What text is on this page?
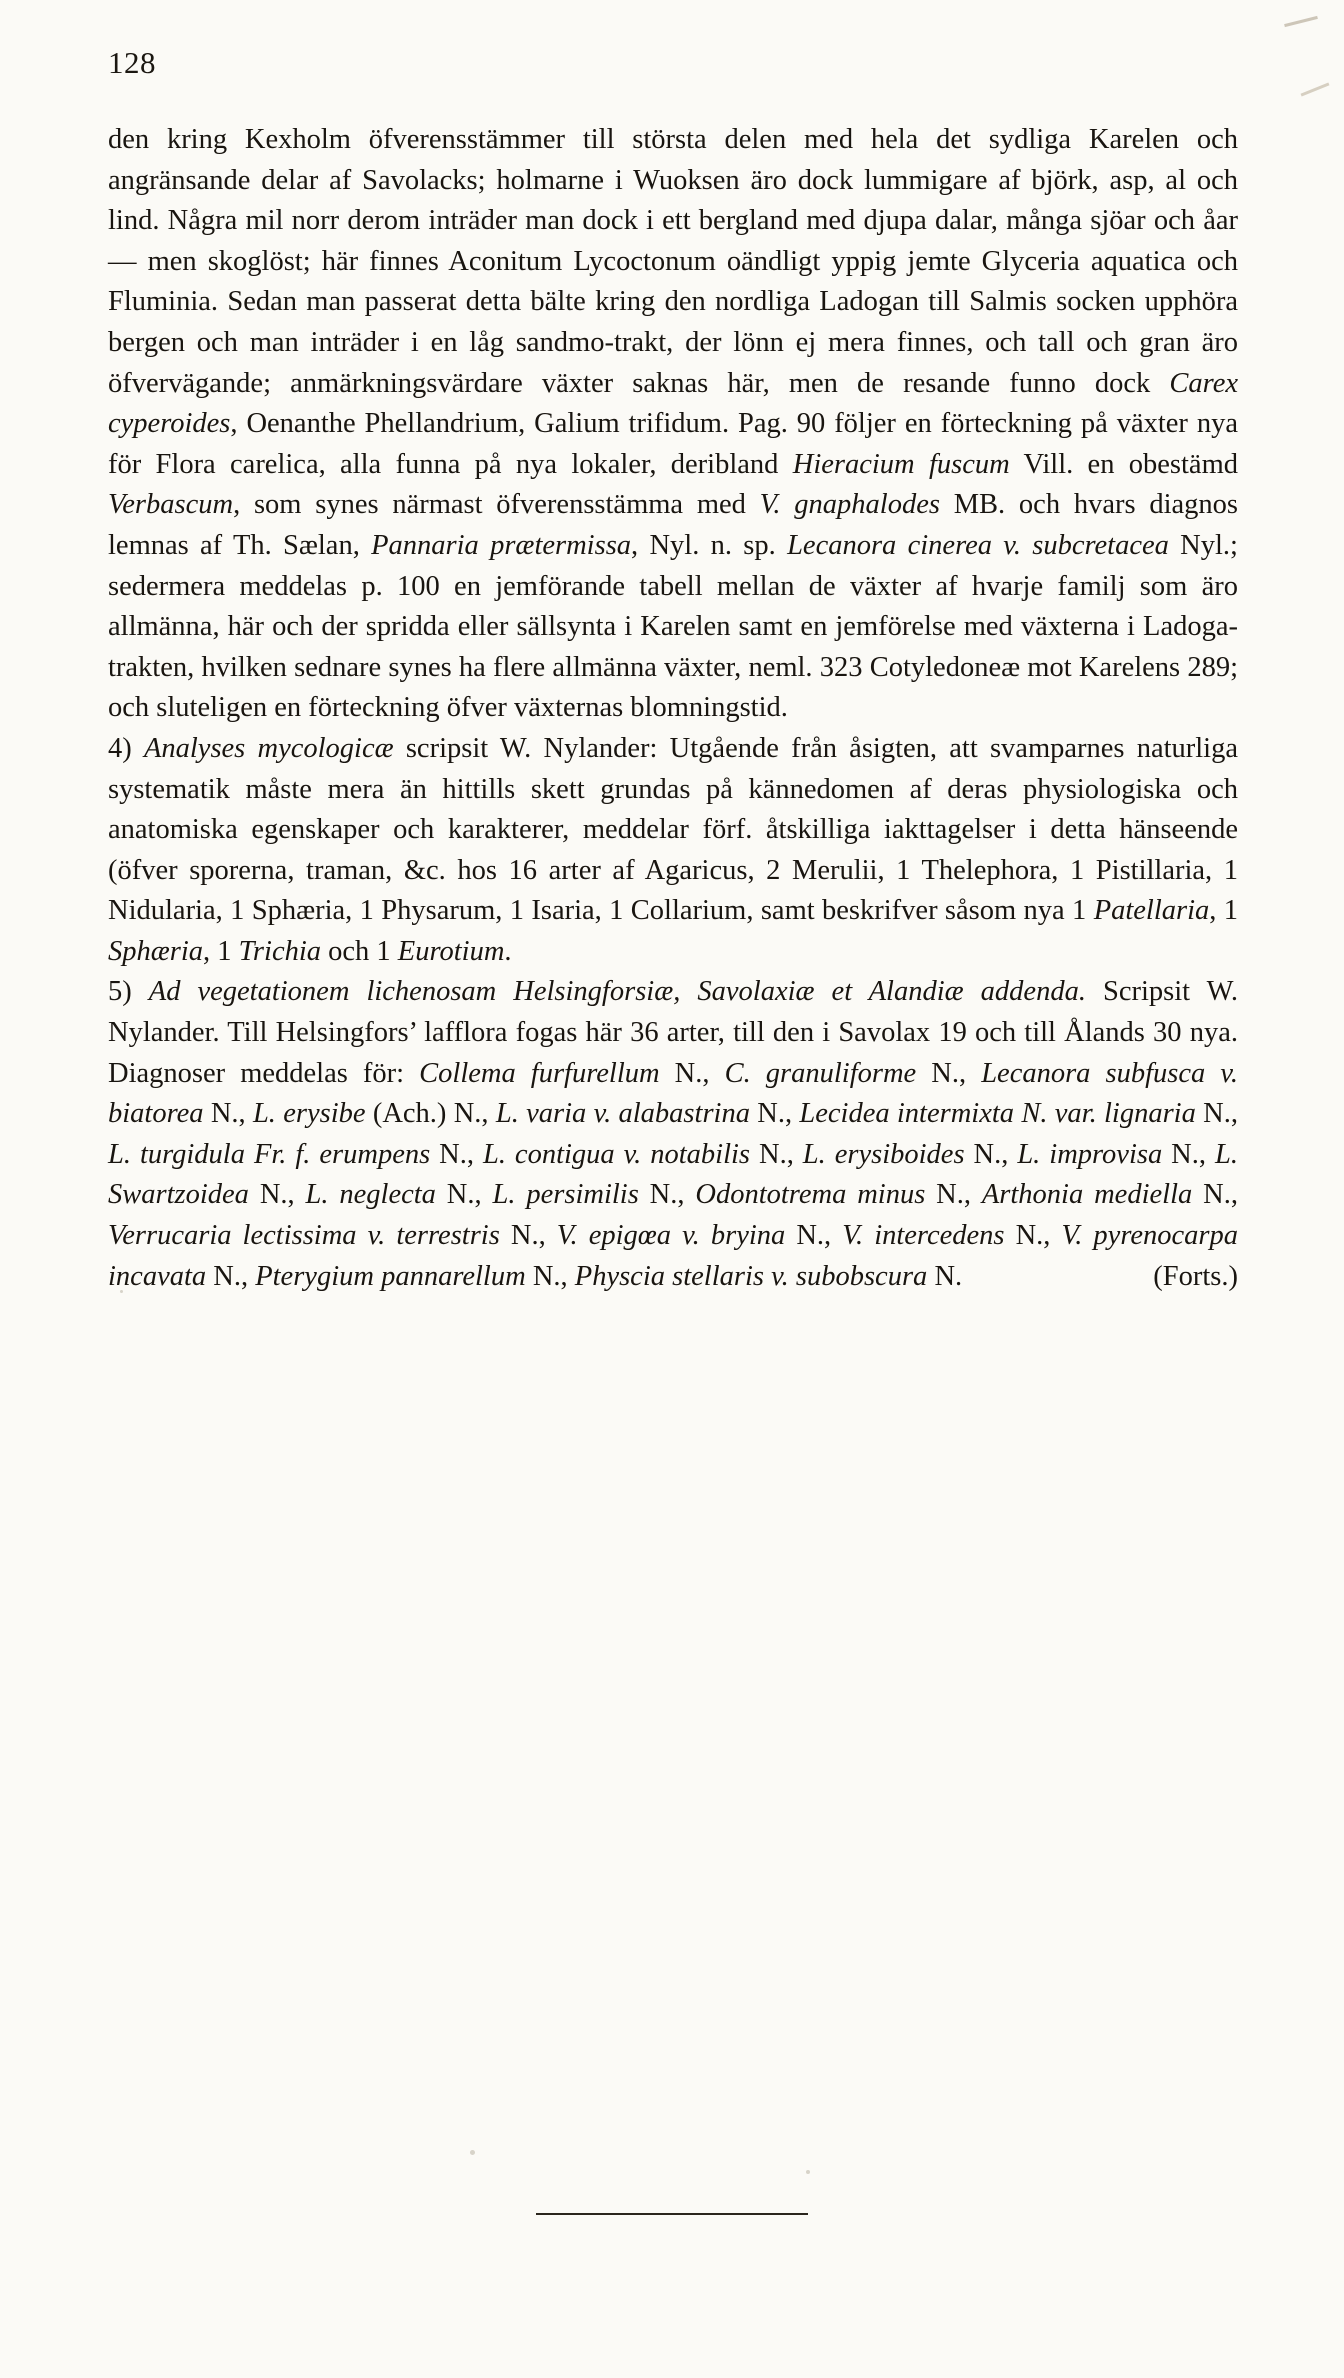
128

den kring Kexholm öfverensstämmer till största delen med hela det sydliga Karelen och angränsande delar af Savolacks; holmarne i Wuoksen äro dock lummigare af björk, asp, al och lind. Några mil norr derom inträder man dock i ett bergland med djupa dalar, många sjöar och åar — men skoglöst; här finnes Aconitum Lycoctonum oändligt yppig jemte Glyceria aquatica och Fluminia. Sedan man passerat detta bälte kring den nordliga Ladogan till Salmis socken upphöra bergen och man inträder i en låg sandmo-trakt, der lönn ej mera finnes, och tall och gran äro öfvervägande; anmärkningsvärdare växter saknas här, men de resande funno dock Carex cyperoides, Oenanthe Phellandrium, Galium trifidum. Pag. 90 följer en förteckning på växter nya för Flora carelica, alla funna på nya lokaler, deribland Hieracium fuscum Vill. en obestämd Verbascum, som synes närmast öfverensstämma med V. gnaphalodes MB. och hvars diagnos lemnas af Th. Sælan, Pannaria prætermissa, Nyl. n. sp. Lecanora cinerea v. subcretacea Nyl.; sedermera meddelas p. 100 en jemförande tabell mellan de växter af hvarje familj som äro allmänna, här och der spridda eller sällsynta i Karelen samt en jemförelse med växterna i Ladoga-trakten, hvilken sednare synes ha flere allmänna växter, neml. 323 Cotyledoneæ mot Karelens 289; och sluteligen en förteckning öfver växternas blomningstid.

4) Analyses mycologicæ scripsit W. Nylander: Utgående från åsigten, att svamparnes naturliga systematik måste mera än hittills skett grundas på kännedomen af deras physiologiska och anatomiska egenskaper och karakterer, meddelar förf. åtskilliga iakttagelser i detta hänseende (öfver sporerna, traman, &c. hos 16 arter af Agaricus, 2 Merulii, 1 Thelephora, 1 Pistillaria, 1 Nidularia, 1 Sphæria, 1 Physarum, 1 Isaria, 1 Collarium, samt beskrifver såsom nya 1 Patellaria, 1 Sphæria, 1 Trichia och 1 Eurotium.

5) Ad vegetationem lichenosam Helsingforsiæ, Savolaxiæ et Alandiæ addenda. Scripsit W. Nylander. Till Helsingfors’ lafflora fogas här 36 arter, till den i Savolax 19 och till Ålands 30 nya. Diagnoser meddelas för: Collema furfurellum N., C. granuliforme N., Lecanora subfusca v. biatorea N., L. erysibe (Ach.) N., L. varia v. alabastrina N., Lecidea intermixta N. var. lignaria N., L. turgidula Fr. f. erumpens N., L. contigua v. notabilis N., L. erysiboides N., L. improvisa N., L. Swartzoidea N., L. neglecta N., L. persimilis N., Odontotrema minus N., Arthonia mediella N., Verrucaria lectissima v. terrestris N., V. epigœa v. bryina N., V. intercedens N., V. pyrenocarpa incavata N., Pterygium pannarellum N., Physcia stellaris v. subobscura N.	(Forts.)
